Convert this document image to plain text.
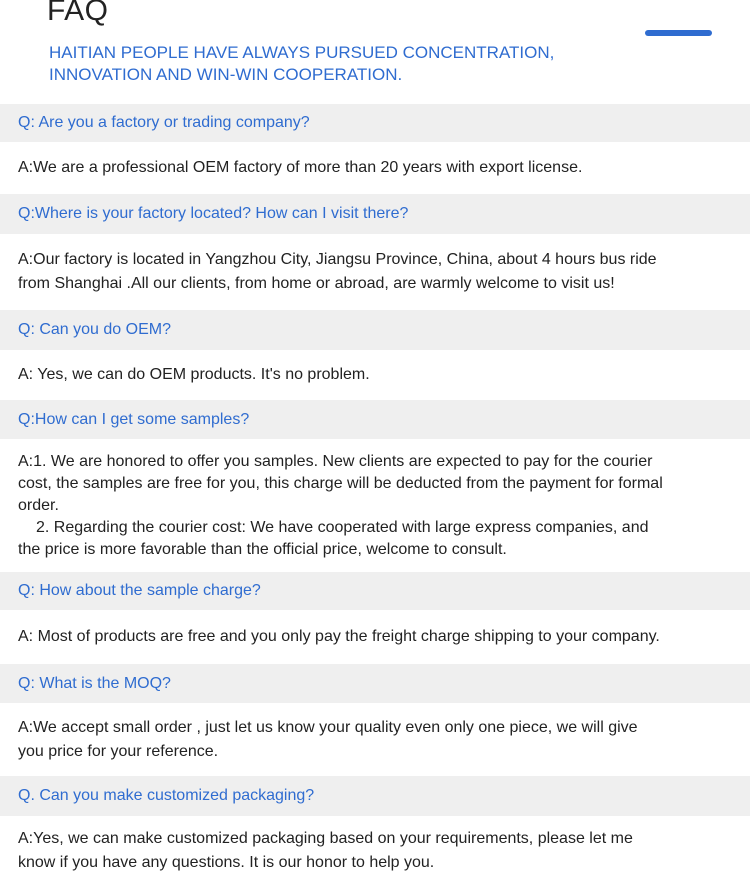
FAQ
HAITIAN PEOPLE HAVE ALWAYS PURSUED CONCENTRATION,
INNOVATION AND WIN-WIN COOPERATION.
Q: Are you a factory or trading company?
A:We are a professional OEM factory of more than 20 years with export license.
Q:Where is your factory located? How can I visit there?
A:Our factory is located in Yangzhou City, Jiangsu Province, China, about 4 hours bus ride
from Shanghai .All our clients, from home or abroad, are warmly welcome to visit us!
Q: Can you do OEM?
A: Yes, we can do OEM products. It's no problem.
Q:How can I get some samples?
A:1. We are honored to offer you samples. New clients are expected to pay for the courier
cost, the samples are free for you, this charge will be deducted from the payment for formal
order.
2. Regarding the courier cost: We have cooperated with large express companies, and
the price is more favorable than the official price, welcome to consult.
Q: How about the sample charge?
A: Most of products are free and you only pay the freight charge shipping to your company.
Q: What is the MOQ?
A:We accept small order , just let us know your quality even only one piece, we will give
you price for your reference.
Q. Can you make customized packaging?
A:Yes, we can make customized packaging based on your requirements, please let me
know if you have any questions. It is our honor to help you.
